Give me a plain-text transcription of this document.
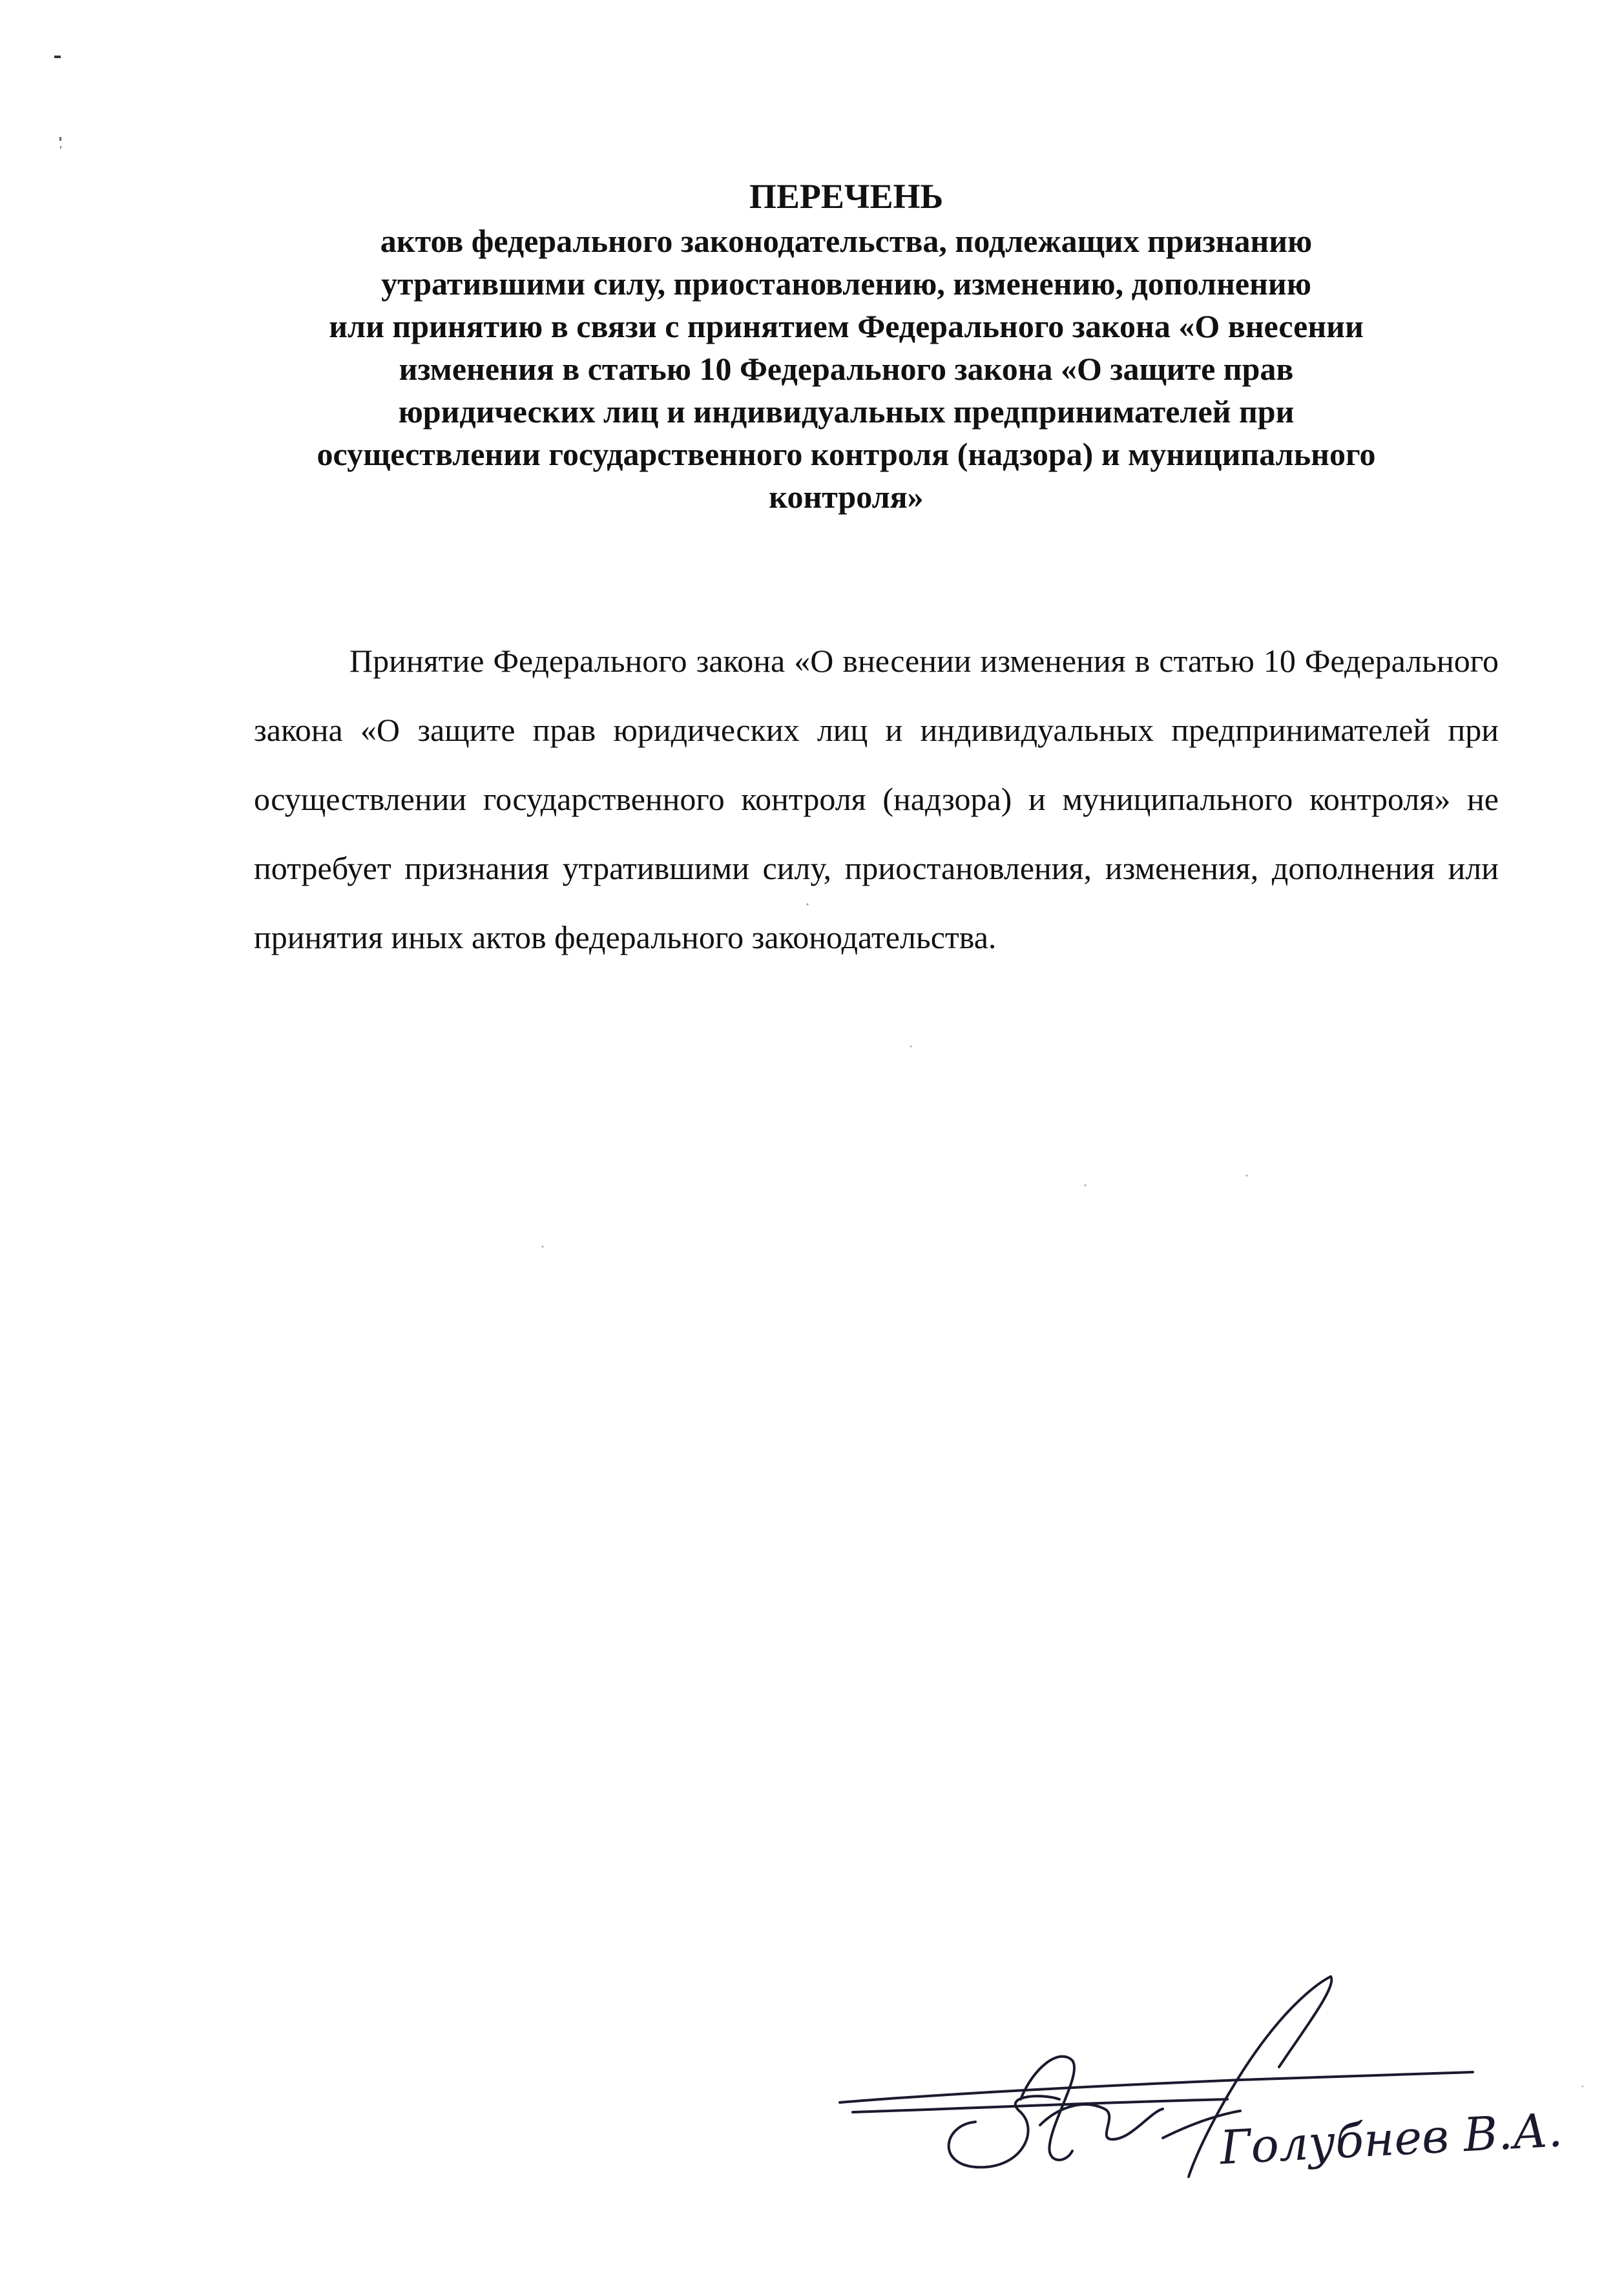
ПЕРЕЧЕНЬ
актов федерального законодательства, подлежащих признанию
утратившими силу, приостановлению, изменению, дополнению
или принятию в связи с принятием Федерального закона «О внесении
изменения в статью 10 Федерального закона «О защите прав
юридических лиц и индивидуальных предпринимателей при
осуществлении государственного контроля (надзора) и муниципального
контроля»

Принятие Федерального закона «О внесении изменения в статью 10 Федерального закона «О защите прав юридических лиц и индивидуальных предпринимателей при осуществлении государственного контроля (надзора) и муниципального контроля» не потребует признания утратившими силу, приостановления, изменения, дополнения или принятия иных актов федерального законодательства.

Голубнев В.А.
